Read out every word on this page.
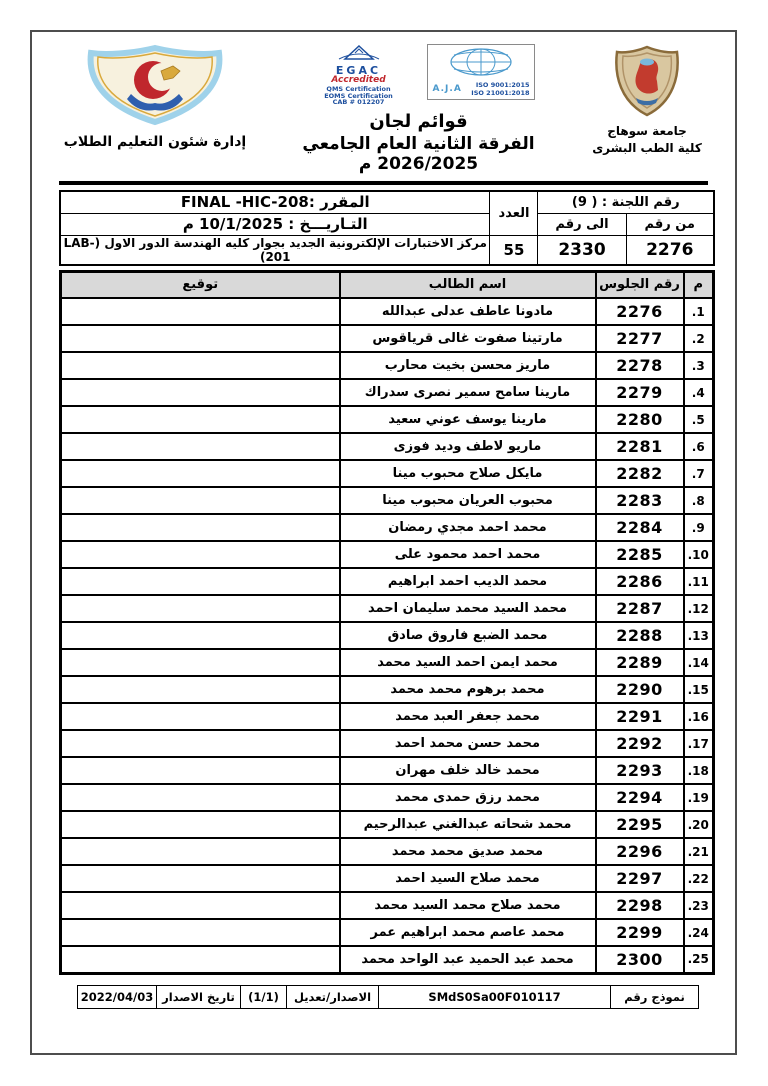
جامعة سوهاج
كلية الطب البشرى
EGAC
Accredited
QMS Certification
EOMS Certification
CAB # 012207
A.J.A	ISO 9001:2015
ISO 21001:2018
قوائم لجان
الفرقة الثانية العام الجامعي 2026/2025 م
إدارة شئون التعليم الطلاب
رقم اللجنة : ( 9)		العدد	المقرر :FINAL -HIC-208
من رقم	الى رقم		التـاريـــخ : 10/1/2025 م
2276	2330	55	مركز الاختبارات الإلكترونية الجديد بجوار كليه الهندسة الدور الاول (LAB-201)
م	رقم الجلوس	اسم الطالب	توقيع
1.	2276	مادونا عاطف عدلى عبدالله	
2.	2277	مارتينا صفوت غالى قرياقوس	
3.	2278	ماريز محسن بخيت محارب	
4.	2279	مارينا سامح سمير نصرى سدراك	
5.	2280	مارينا يوسف عوني سعيد	
6.	2281	ماريو لاطف وديد فوزى	
7.	2282	مايكل صلاح محبوب مينا	
8.	2283	محبوب العريان محبوب مينا	
9.	2284	محمد احمد مجدي رمضان	
10.	2285	محمد احمد محمود على	
11.	2286	محمد الديب احمد ابراهيم	
12.	2287	محمد السيد محمد سليمان احمد	
13.	2288	محمد الضبع فاروق صادق	
14.	2289	محمد ايمن احمد السيد محمد	
15.	2290	محمد برهوم محمد محمد	
16.	2291	محمد جعفر العبد محمد	
17.	2292	محمد حسن محمد احمد	
18.	2293	محمد خالد خلف مهران	
19.	2294	محمد رزق حمدى محمد	
20.	2295	محمد شحاته عبدالغني عبدالرحيم	
21.	2296	محمد صديق محمد محمد	
22.	2297	محمد صلاح السيد احمد	
23.	2298	محمد صلاح محمد السيد محمد	
24.	2299	محمد عاصم محمد ابراهيم عمر	
25.	2300	محمد عبد الحميد عبد الواحد محمد	
نموذج رقم	SMdS0Sa00F010117	الاصدار/تعديل	(1/1)	تاريخ الاصدار	2022/04/03
